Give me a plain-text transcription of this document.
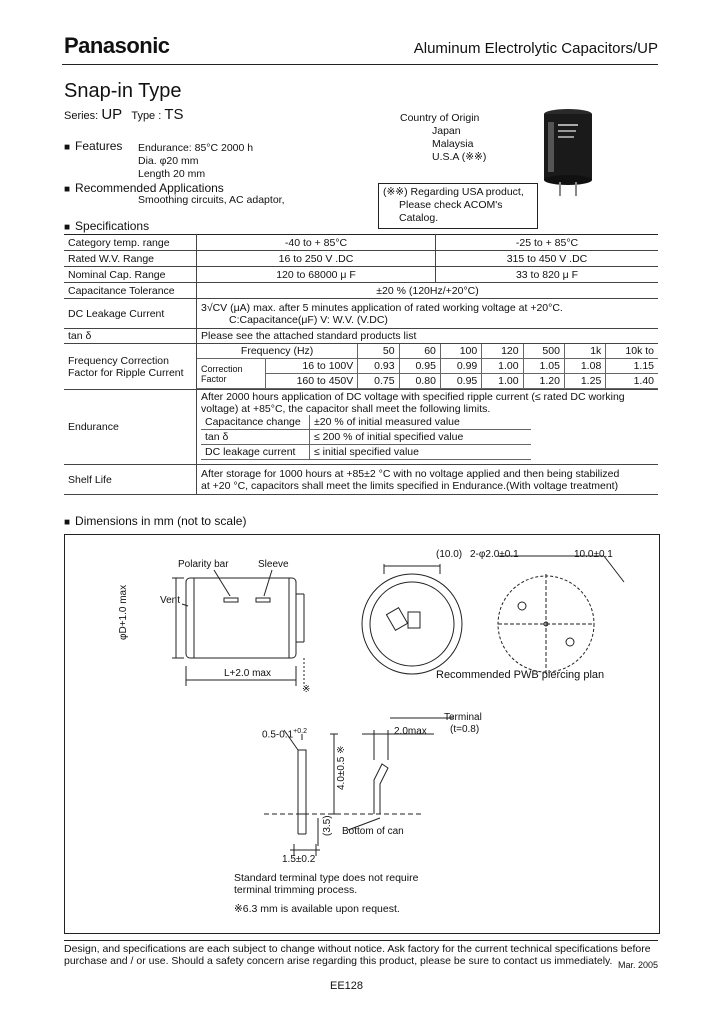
Panasonic	Aluminum Electrolytic Capacitors/UP
Snap-in Type
Series: UP Type : TS
■ Features Endurance: 85°C 2000 h
Dia. φ20 mm
Length 20 mm
■ Recommended Applications
Smoothing circuits, AC adaptor,
Country of Origin
Japan
Malaysia
U.S.A (※※)
(※※) Regarding USA product,
Please check ACOM's
Catalog.
■ Specifications
Category temp. range	-40 to + 85°C	-25 to + 85°C
Rated W.V. Range	16 to 250 V .DC	315 to 450 V .DC
Nominal Cap. Range	120 to 68000 μ F	33 to 820 μ F
Capacitance Tolerance	±20 % (120Hz/+20°C)
DC Leakage Current	3√CV (μA) max. after 5 minutes application of rated working voltage at +20°C.
C:Capacitance(μF) V: W.V. (V.DC)

tan δ	Please see the attached standard products list
Frequency Correction Factor for Ripple Current	
Frequency (Hz)	50	60	100	120	500	1k	10k to
Correction Factor	16 to 100V	0.93	0.95	0.99	1.00	1.05	1.08	1.15
160 to 450V	0.75	0.80	0.95	1.00	1.20	1.25	1.40

Endurance	
After 2000 hours application of DC voltage with specified ripple current (≤ rated DC working voltage) at +85°C, the capacitor shall meet the following limits.
Capacitance change	±20 % of initial measured value
tan δ	≤ 200 % of initial specified value
DC leakage current	≤ initial specified value

Shelf Life	After storage for 1000 hours at +85±2 °C with no voltage applied and then being stabilized
at +20 °C, capacitors shall meet the limits specified in Endurance.(With voltage treatment)
■ Dimensions in mm (not to scale)
Polarity bar	Sleeve
Vent
φD+1.0 max
L+2.0 max
※
(10.0) 2-φ2.0±0.1	10.0±0.1
Recommended PWB piercing plan
Terminal
(t=0.8)
$0.5-0.1^{+0.2}$
4.0±0.5 ※
2.0max
(3.5) Bottom of can
1.5±0.2
Standard terminal type does not require
terminal trimming process.
※6.3 mm is available upon request.
Design, and specifications are each subject to change without notice. Ask factory for the current technical specifications before purchase and / or use. Should a safety concern arise regarding this product, please be sure to contact us immediately. Mar. 2005
EE128
